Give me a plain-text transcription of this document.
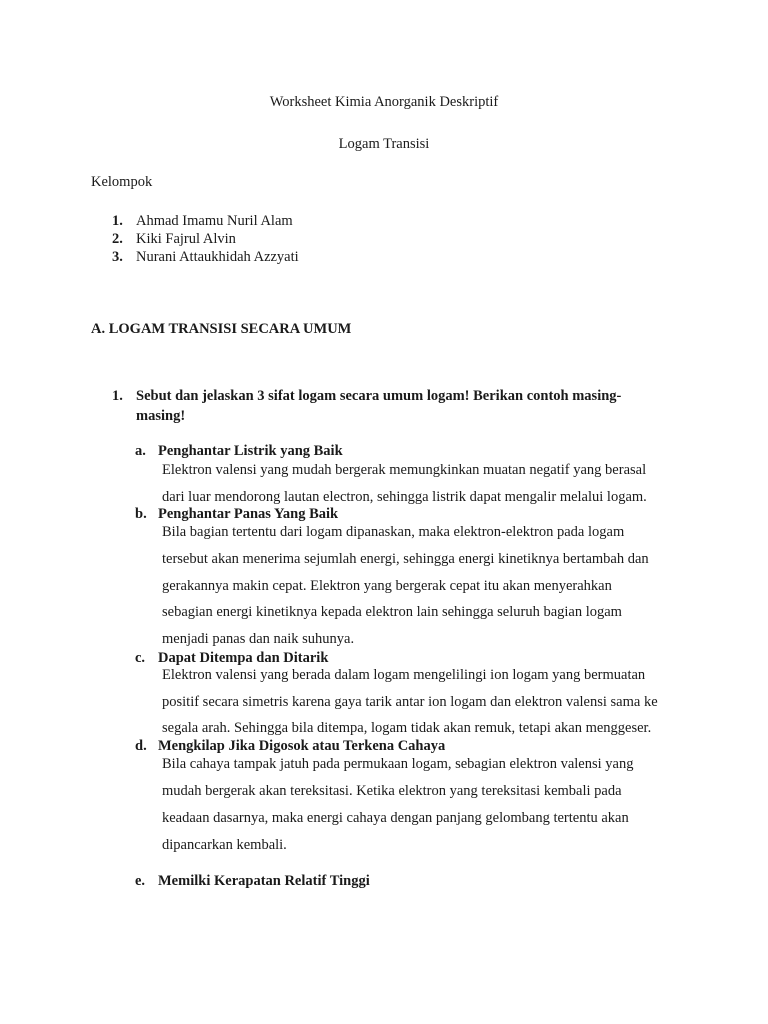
Worksheet Kimia Anorganik Deskriptif
Logam Transisi
Kelompok
1. Ahmad Imamu Nuril Alam
2. Kiki Fajrul Alvin
3. Nurani Attaukhidah Azzyati
A. LOGAM TRANSISI SECARA UMUM
1. Sebut dan jelaskan 3 sifat logam secara umum logam! Berikan contoh masing-
masing!
a. Penghantar Listrik yang Baik
Elektron valensi yang mudah bergerak memungkinkan muatan negatif yang berasal
dari luar mendorong lautan electron, sehingga listrik dapat mengalir melalui logam.
b. Penghantar Panas Yang Baik
Bila bagian tertentu dari logam dipanaskan, maka elektron-elektron pada logam
tersebut akan menerima sejumlah energi, sehingga energi kinetiknya bertambah dan
gerakannya makin cepat. Elektron yang bergerak cepat itu akan menyerahkan
sebagian energi kinetiknya kepada elektron lain sehingga seluruh bagian logam
menjadi panas dan naik suhunya.
c. Dapat Ditempa dan Ditarik
Elektron valensi yang berada dalam logam mengelilingi ion logam yang bermuatan
positif secara simetris karena gaya tarik antar ion logam dan elektron valensi sama ke
segala arah. Sehingga bila ditempa, logam tidak akan remuk, tetapi akan menggeser.
d. Mengkilap Jika Digosok atau Terkena Cahaya
Bila cahaya tampak jatuh pada permukaan logam, sebagian elektron valensi yang
mudah bergerak akan tereksitasi. Ketika elektron yang tereksitasi kembali pada
keadaan dasarnya, maka energi cahaya dengan panjang gelombang tertentu akan
dipancarkan kembali.
e. Memilki Kerapatan Relatif Tinggi
